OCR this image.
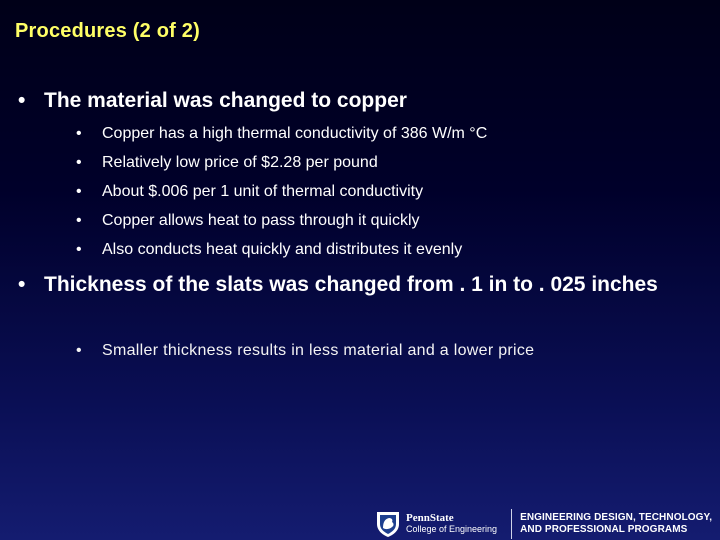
Procedures (2 of 2)
• The material was changed to copper
•	Copper has a high thermal conductivity of 386 W/m °C
•	Relatively low price of $2.28 per pound
•	About $.006 per 1 unit of thermal conductivity
•	Copper allows heat to pass through it quickly
•	Also conducts heat quickly and distributes it evenly
• Thickness of the slats was changed from . 1 in to . 025 inches
•	Smaller thickness results in less material and a lower price
PennState
College of Engineering
ENGINEERING DESIGN, TECHNOLOGY,
AND PROFESSIONAL PROGRAMS
